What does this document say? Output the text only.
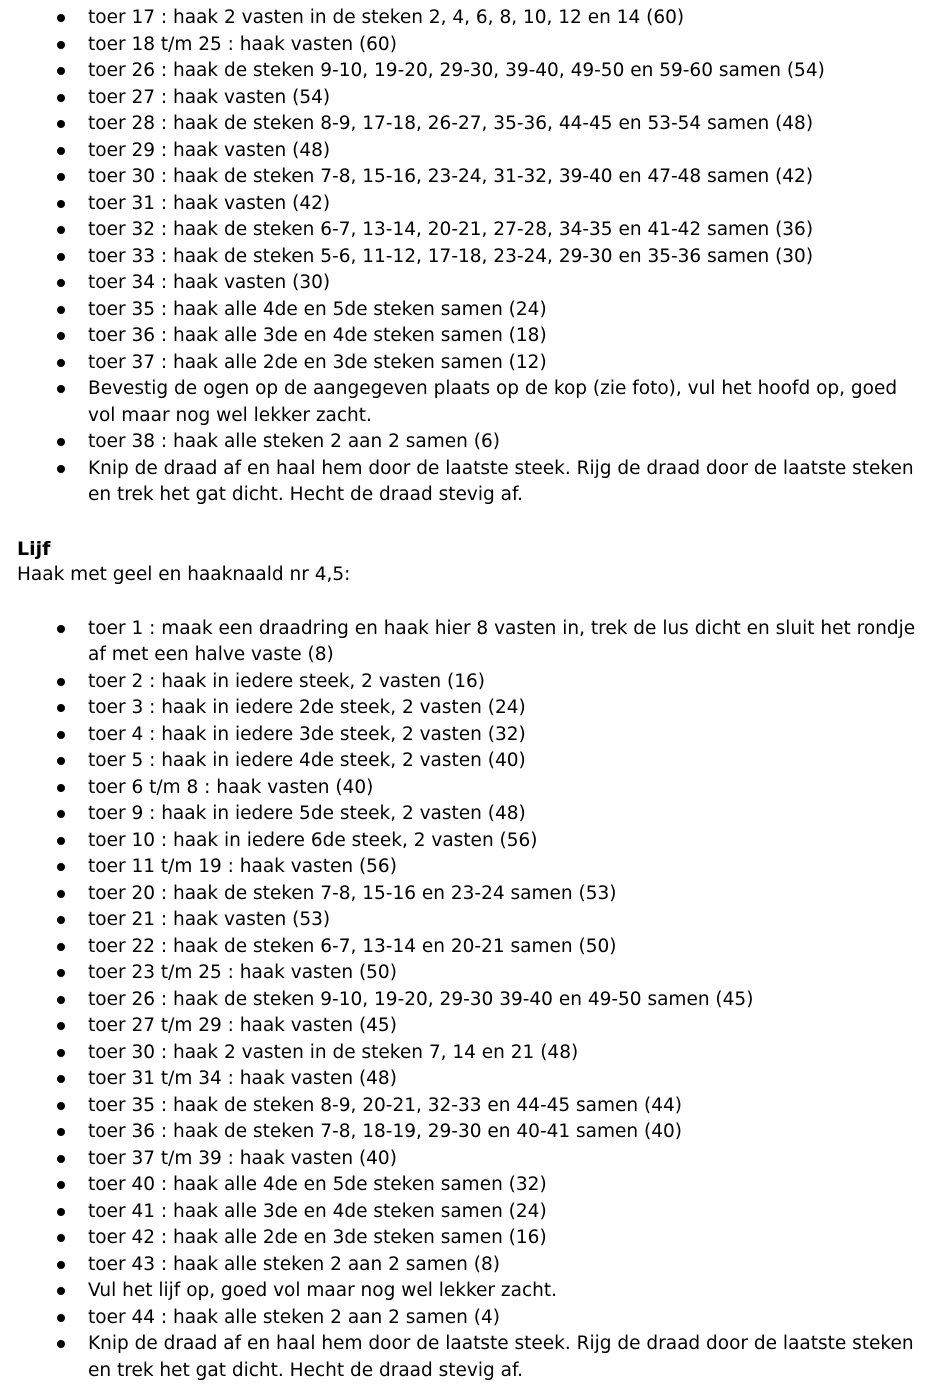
toer 17 : haak 2 vasten in de steken 2, 4, 6, 8, 10, 12 en 14 (60)
toer 18 t/m 25 : haak vasten (60)
toer 26 : haak de steken 9-10, 19-20, 29-30, 39-40, 49-50 en 59-60 samen (54)
toer 27 : haak vasten (54)
toer 28 : haak de steken 8-9, 17-18, 26-27, 35-36, 44-45 en 53-54 samen (48)
toer 29 : haak vasten (48)
toer 30 : haak de steken 7-8, 15-16, 23-24, 31-32, 39-40 en 47-48 samen (42)
toer 31 : haak vasten (42)
toer 32 : haak de steken 6-7, 13-14, 20-21, 27-28, 34-35 en 41-42 samen (36)
toer 33 : haak de steken 5-6, 11-12, 17-18, 23-24, 29-30 en 35-36 samen (30)
toer 34 : haak vasten (30)
toer 35 : haak alle 4de en 5de steken samen (24)
toer 36 : haak alle 3de en 4de steken samen (18)
toer 37 : haak alle 2de en 3de steken samen (12)
Bevestig de ogen op de aangegeven plaats op de kop (zie foto), vul het hoofd op, goed vol maar nog wel lekker zacht.
toer 38 : haak alle steken 2 aan 2 samen (6)
Knip de draad af en haal hem door de laatste steek. Rijg de draad door de laatste steken en trek het gat dicht. Hecht de draad stevig af.
Lijf
Haak met geel en haaknaald nr 4,5:
toer 1 : maak een draadring en haak hier 8 vasten in, trek de lus dicht en sluit het rondje af met een halve vaste (8)
toer 2 : haak in iedere steek, 2 vasten (16)
toer 3 : haak in iedere 2de steek, 2 vasten (24)
toer 4 : haak in iedere 3de steek, 2 vasten (32)
toer 5 : haak in iedere 4de steek, 2 vasten (40)
toer 6 t/m 8 : haak vasten (40)
toer 9 : haak in iedere 5de steek, 2 vasten (48)
toer 10 : haak in iedere 6de steek, 2 vasten (56)
toer 11 t/m 19 : haak vasten (56)
toer 20 : haak de steken 7-8, 15-16 en 23-24 samen (53)
toer 21 : haak vasten (53)
toer 22 : haak de steken 6-7, 13-14 en 20-21 samen (50)
toer 23 t/m 25 : haak vasten (50)
toer 26 : haak de steken 9-10, 19-20, 29-30 39-40 en 49-50 samen (45)
toer 27 t/m 29 : haak vasten (45)
toer 30 : haak 2 vasten in de steken 7, 14 en 21 (48)
toer 31 t/m 34 : haak vasten (48)
toer 35 : haak de steken 8-9, 20-21, 32-33 en 44-45 samen (44)
toer 36 : haak de steken 7-8, 18-19, 29-30 en 40-41 samen (40)
toer 37 t/m 39 : haak vasten (40)
toer 40 : haak alle 4de en 5de steken samen (32)
toer 41 : haak alle 3de en 4de steken samen (24)
toer 42 : haak alle 2de en 3de steken samen (16)
toer 43 : haak alle steken 2 aan 2 samen (8)
Vul het lijf op, goed vol maar nog wel lekker zacht.
toer 44 : haak alle steken 2 aan 2 samen (4)
Knip de draad af en haal hem door de laatste steek. Rijg de draad door de laatste steken en trek het gat dicht. Hecht de draad stevig af.
